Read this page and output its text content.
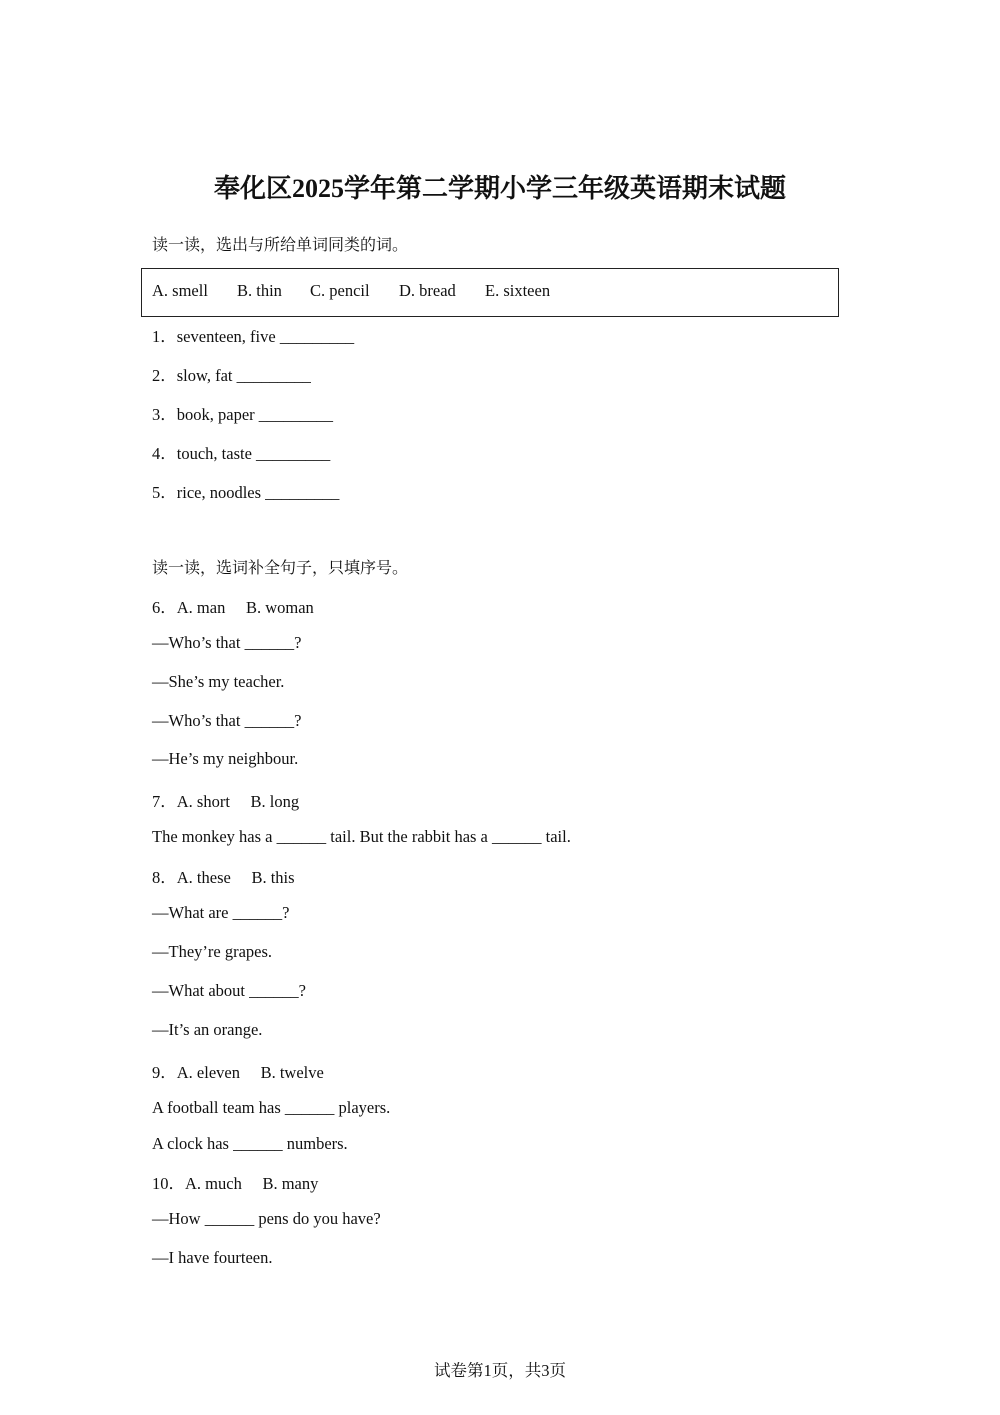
奉化区2025学年第二学期小学三年级英语期末试题
读一读，选出与所给单词同类的词。
A. smell B. thin C. pencil D. bread E. sixteen
1．seventeen, five _________
2．slow, fat _________
3．book, paper _________
4．touch, taste _________
5．rice, noodles _________
读一读，选词补全句子，只填序号。
6．A. man     B. woman
—Who’s that ______?
—She’s my teacher.
—Who’s that ______?
—He’s my neighbour.
7．A. short     B. long
The monkey has a ______ tail. But the rabbit has a ______ tail.
8．A. these     B. this
—What are ______?
—They’re grapes.
—What about ______?
—It’s an orange.
9．A. eleven     B. twelve
A football team has ______ players.
A clock has ______ numbers.
10．A. much     B. many
—How ______ pens do you have?
—I have fourteen.
试卷第1页，共3页
